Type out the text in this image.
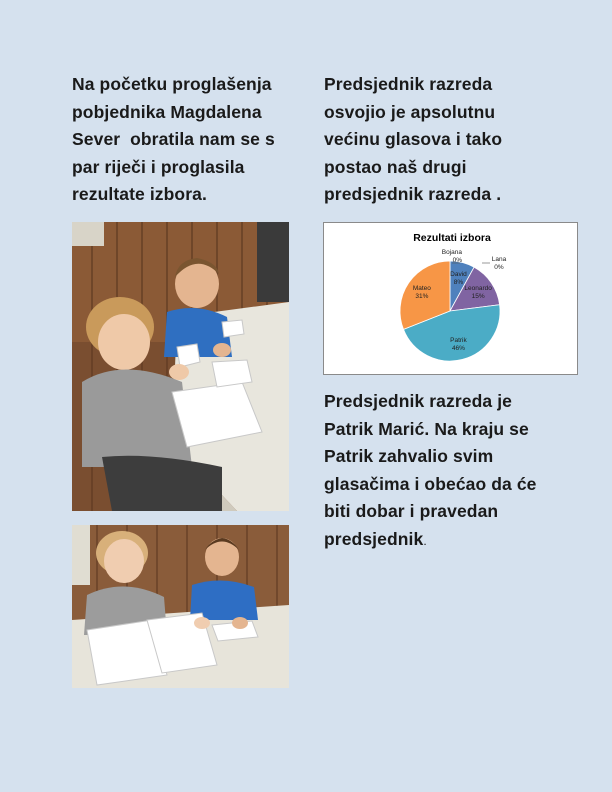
Na početku proglašenja
pobjednika Magdalena
Sever  obratila nam se s
par riječi i proglasila
rezultate izbora.
Predsjednik razreda
osvojio je apsolutnu
većinu glasova i tako
postao naš drugi
predsjednik razreda .
Predsjednik razreda je
Patrik Marić. Na kraju se
Patrik zahvalio svim
glasačima i obećao da će
biti dobar i pravedan
predsjednik.
Rezultati izbora
David
8%
Leonardo
15%
Patrik
46%
Mateo
31%
Bojana
0%	Lana
0%
